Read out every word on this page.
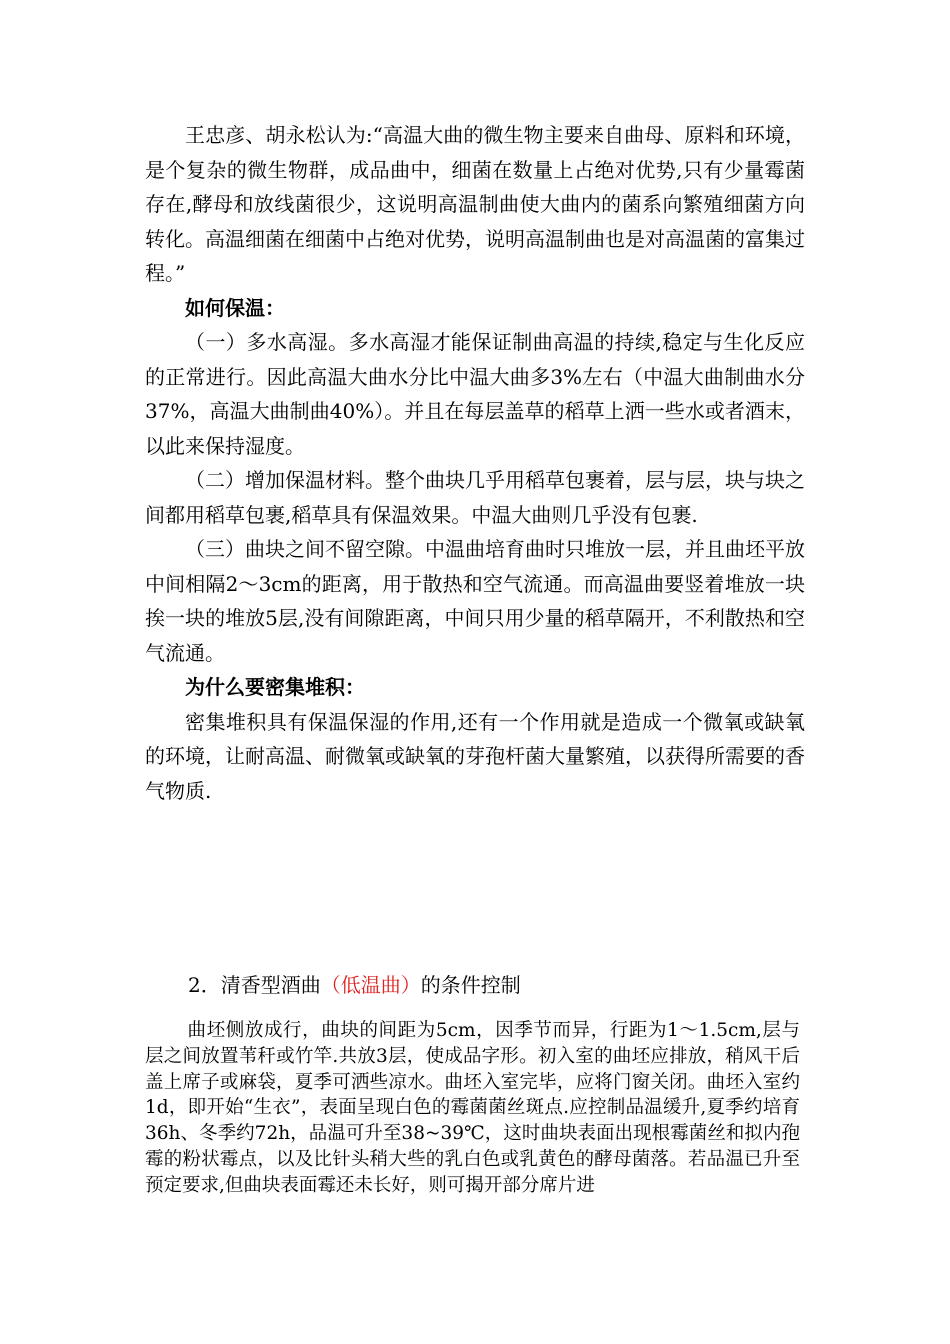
王忠彦、胡永松认为:“高温大曲的微生物主要来自曲母、原料和环境，是个复杂的微生物群，成品曲中，细菌在数量上占绝对优势,只有少量霉菌存在,酵母和放线菌很少，这说明高温制曲使大曲内的菌系向繁殖细菌方向转化。高温细菌在细菌中占绝对优势，说明高温制曲也是对高温菌的富集过程。”

如何保温：

（一）多水高湿。多水高湿才能保证制曲高温的持续,稳定与生化反应的正常进行。因此高温大曲水分比中温大曲多3%左右（中温大曲制曲水分37%，高温大曲制曲40%）。并且在每层盖草的稻草上洒一些水或者酒末，以此来保持湿度。

（二）增加保温材料。整个曲块几乎用稻草包裹着，层与层，块与块之间都用稻草包裹,稻草具有保温效果。中温大曲则几乎没有包裹.

（三）曲块之间不留空隙。中温曲培育曲时只堆放一层，并且曲坯平放中间相隔2～3cm的距离，用于散热和空气流通。而高温曲要竖着堆放一块挨一块的堆放5层,没有间隙距离，中间只用少量的稻草隔开，不利散热和空气流通。

为什么要密集堆积：

密集堆积具有保温保湿的作用,还有一个作用就是造成一个微氧或缺氧的环境，让耐高温、耐微氧或缺氧的芽孢杆菌大量繁殖，以获得所需要的香气物质.

2．清香型酒曲（低温曲）的条件控制

曲坯侧放成行，曲块的间距为5cm，因季节而异，行距为1～1.5cm,层与层之间放置苇秆或竹竿.共放3层，使成品字形。初入室的曲坯应排放，稍风干后盖上席子或麻袋，夏季可洒些凉水。曲坯入室完毕，应将门窗关闭。曲坯入室约1d，即开始“生衣”，表面呈现白色的霉菌菌丝斑点.应控制品温缓升,夏季约培育36h、冬季约72h，品温可升至38~39℃，这时曲块表面出现根霉菌丝和拟内孢霉的粉状霉点，以及比针头稍大些的乳白色或乳黄色的酵母菌落。若品温已升至预定要求,但曲块表面霉还未长好，则可揭开部分席片进
